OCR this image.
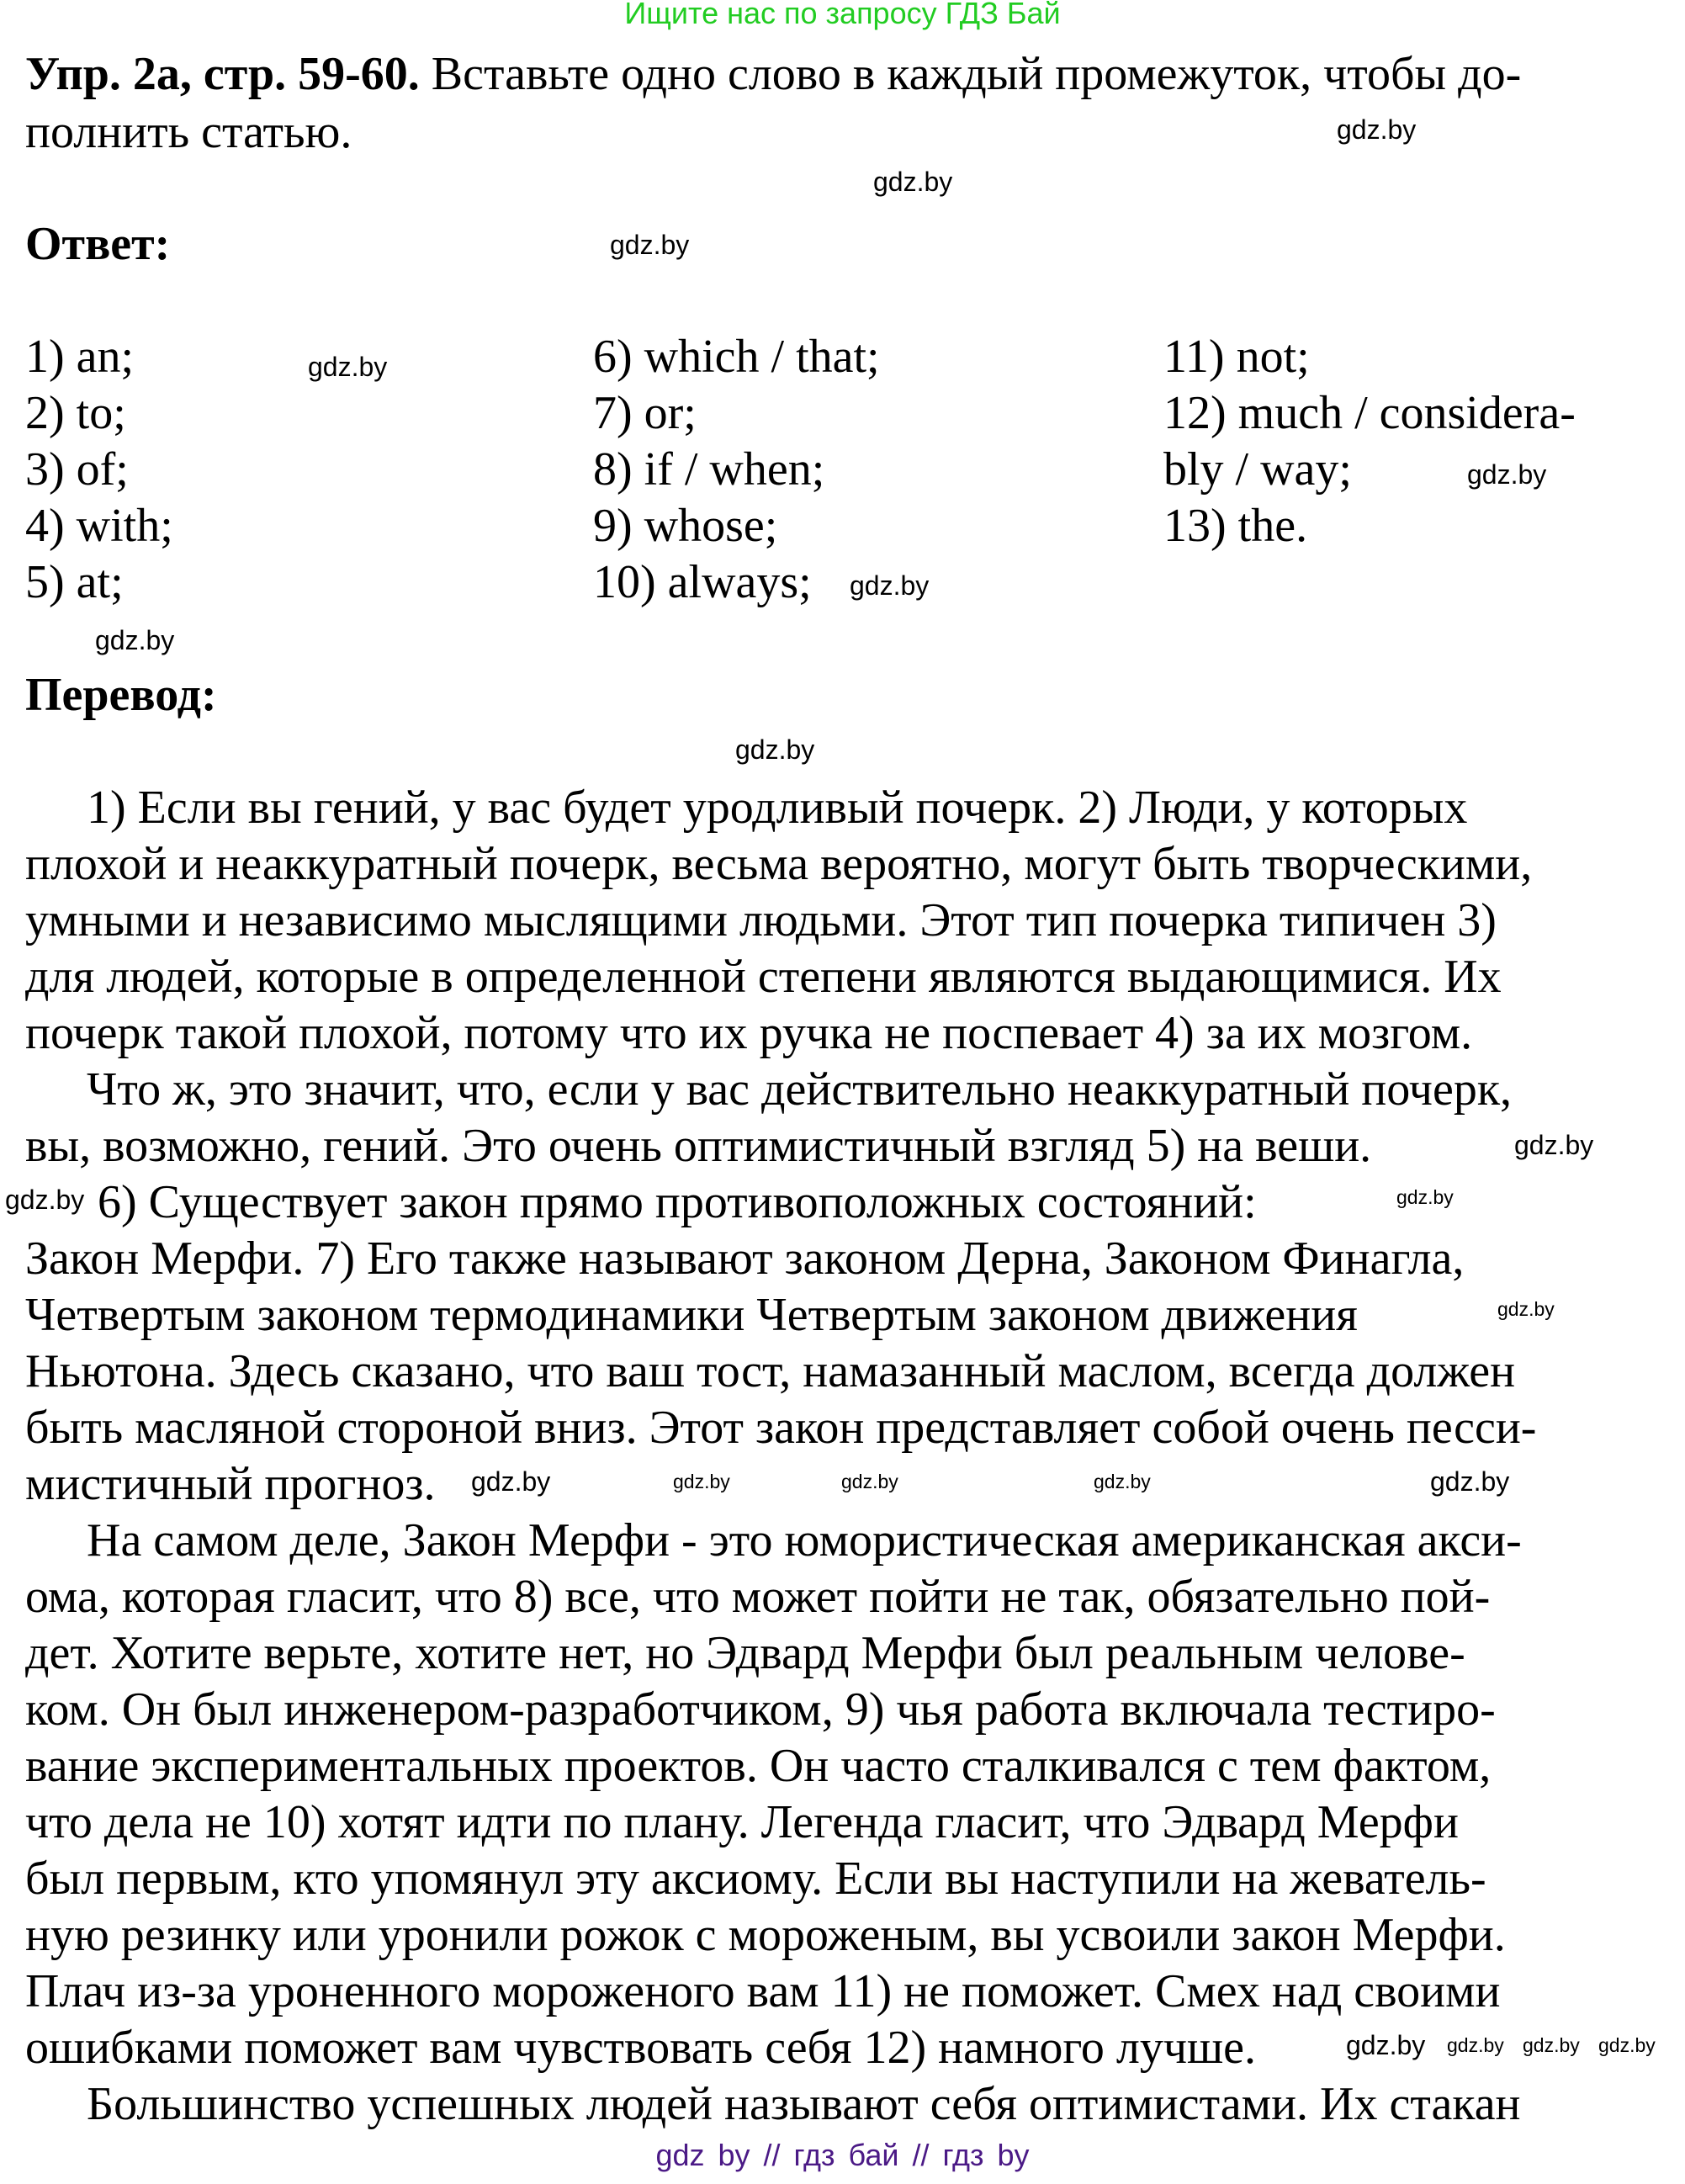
Ищите нас по запросу ГДЗ Бай
Упр. 2а, стр. 59-60. Вставьте одно слово в каждый промежуток, чтобы до-
полнить статью.
Ответ:
1) an;
2) to;
3) of;
4) with;
5) at;
6) which / that;
7) or;
8) if / when;
9) whose;
10) always;
11) not;
12) much / considera-
bly / way;
13) the.
Перевод:
1) Если вы гений, у вас будет уродливый почерк. 2) Люди, у которых
плохой и неаккуратный почерк, весьма вероятно, могут быть творческими,
умными и независимо мыслящими людьми. Этот тип почерка типичен 3)
для людей, которые в определенной степени являются выдающимися. Их
почерк такой плохой, потому что их ручка не поспевает 4) за их мозгом.
Что ж, это значит, что, если у вас действительно неаккуратный почерк,
вы, возможно, гений. Это очень оптимистичный взгляд 5) на веши.
6) Существует закон прямо противоположных состояний:
Закон Мерфи. 7) Его также называют законом Дерна, Законом Финагла,
Четвертым законом термодинамики Четвертым законом движения
Ньютона. Здесь сказано, что ваш тост, намазанный маслом, всегда должен
быть масляной стороной вниз. Этот закон представляет собой очень песси-
мистичный прогноз.
На самом деле, Закон Мерфи - это юмористическая американская акси-
ома, которая гласит, что 8) все, что может пойти не так, обязательно пой-
дет. Хотите верьте, хотите нет, но Эдвард Мерфи был реальным челове-
ком. Он был инженером-разработчиком, 9) чья работа включала тестиро-
вание экспериментальных проектов. Он часто сталкивался с тем фактом,
что дела не 10) хотят идти по плану. Легенда гласит, что Эдвард Мерфи
был первым, кто упомянул эту аксиому. Если вы наступили на жеватель-
ную резинку или уронили рожок с мороженым, вы усвоили закон Мерфи.
Плач из-за уроненного мороженого вам 11) не поможет. Смех над своими
ошибками поможет вам чувствовать себя 12) намного лучше.
Большинство успешных людей называют себя оптимистами. Их стакан
gdz.by
gdz.by
gdz.by
gdz.by
gdz.by
gdz.by
gdz.by
gdz.by
gdz.by
gdz.by	gdz.by
gdz.by
gdz.by	gdz.by	gdz.by	gdz.by	gdz.by
gdz.by gdz.by gdz.by gdz.by
gdz by // гдз бай // гдз by
